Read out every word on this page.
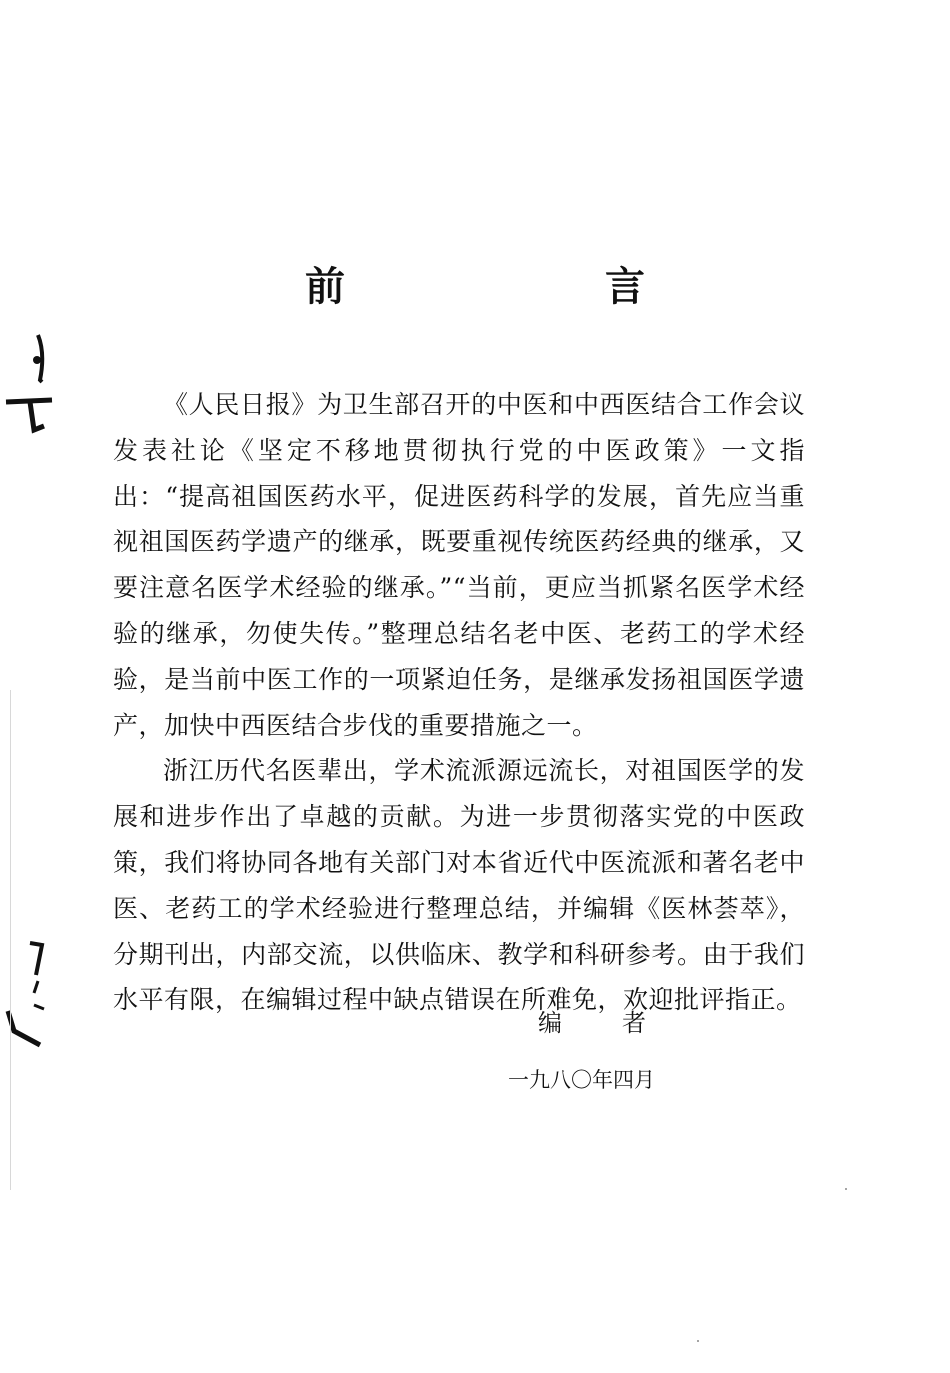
前　言

《人民日报》为卫生部召开的中医和中西医结合工作会议发表社论《坚定不移地贯彻执行党的中医政策》一文指出：“提高祖国医药水平，促进医药科学的发展，首先应当重视祖国医药学遗产的继承，既要重视传统医药经典的继承，又要注意名医学术经验的继承。”“当前，更应当抓紧名医学术经验的继承，勿使失传。”整理总结名老中医、老药工的学术经验，是当前中医工作的一项紧迫任务，是继承发扬祖国医学遗产，加快中西医结合步伐的重要措施之一。

浙江历代名医辈出，学术流派源远流长，对祖国医学的发展和进步作出了卓越的贡献。为进一步贯彻落实党的中医政策，我们将协同各地有关部门对本省近代中医流派和著名老中医、老药工的学术经验进行整理总结，并编辑《医林荟萃》，分期刊出，内部交流，以供临床、教学和科研参考。由于我们水平有限，在编辑过程中缺点错误在所难免，欢迎批评指正。

编者
一九八〇年四月
